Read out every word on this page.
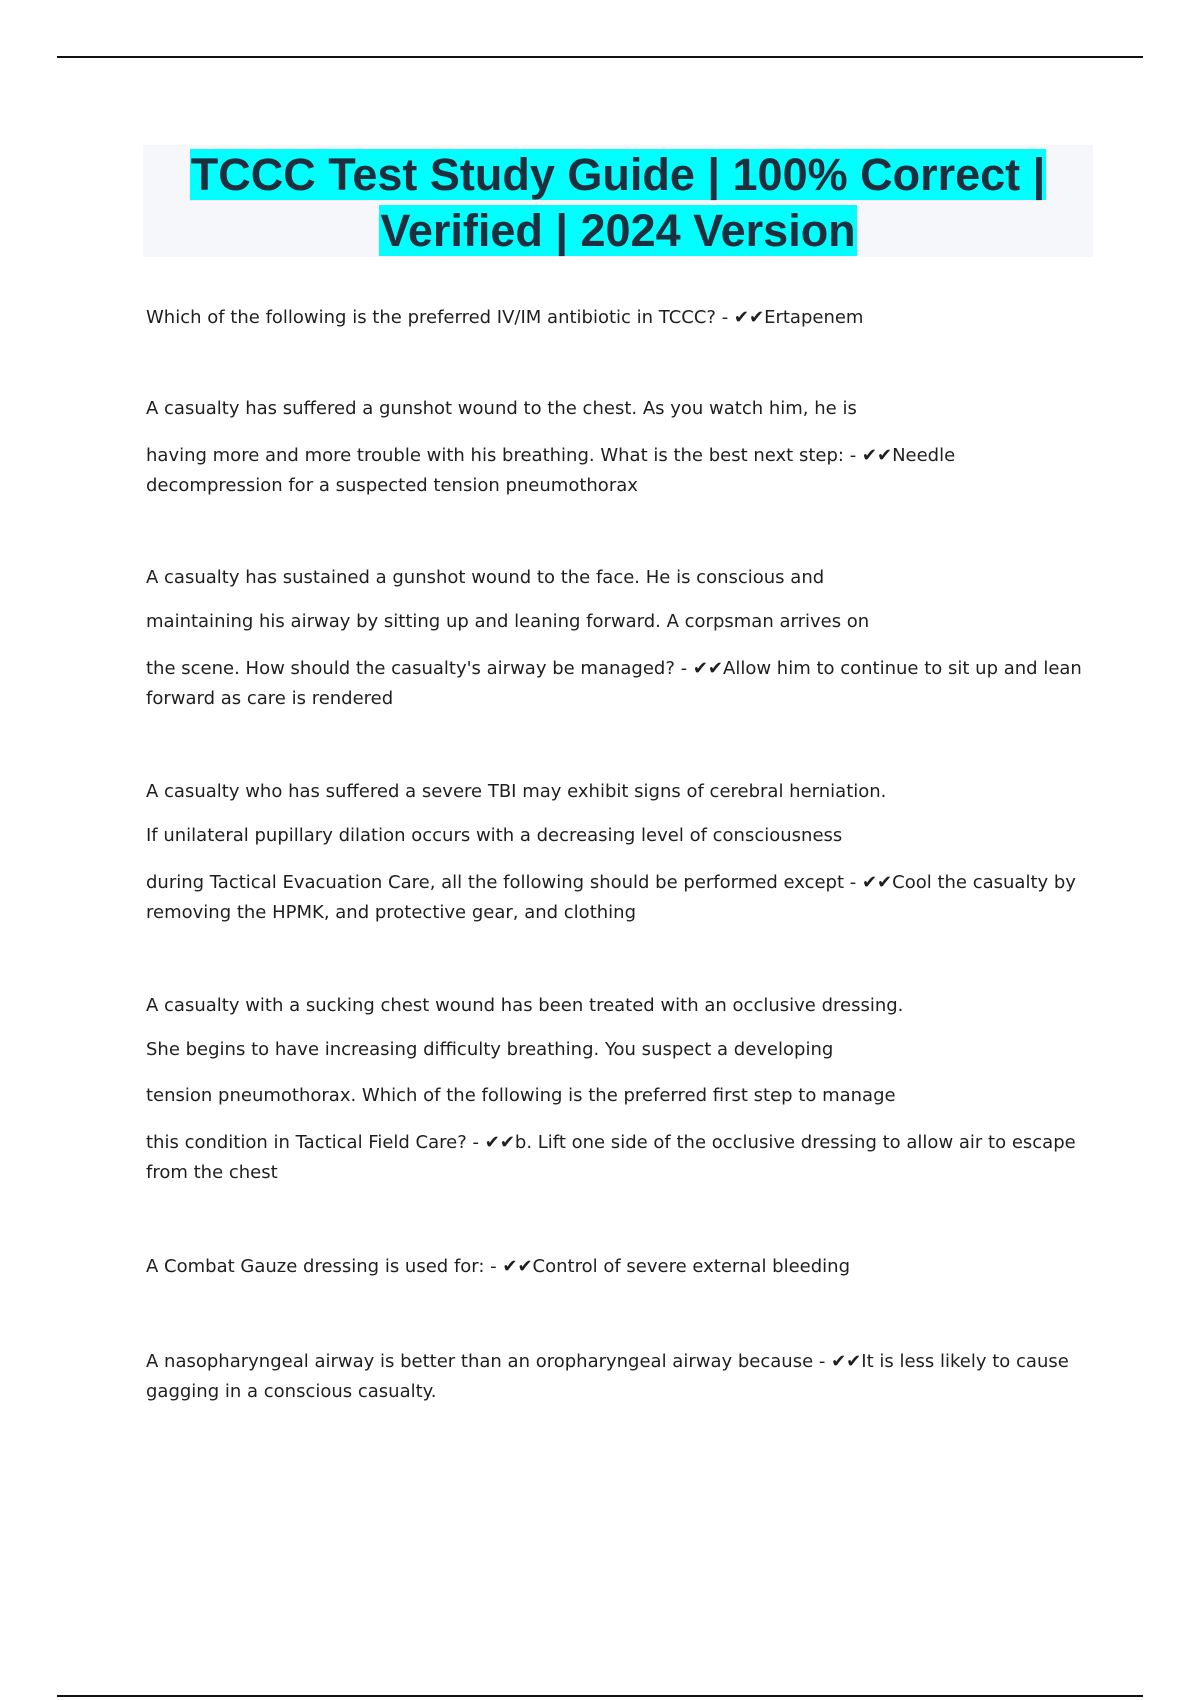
TCCC Test Study Guide | 100% Correct | Verified | 2024 Version
Which of the following is the preferred IV/IM antibiotic in TCCC? - ✔✔Ertapenem
A casualty has suffered a gunshot wound to the chest. As you watch him, he is
having more and more trouble with his breathing. What is the best next step: - ✔✔Needle decompression for a suspected tension pneumothorax
A casualty has sustained a gunshot wound to the face. He is conscious and
maintaining his airway by sitting up and leaning forward. A corpsman arrives on
the scene. How should the casualty's airway be managed? - ✔✔Allow him to continue to sit up and lean forward as care is rendered
A casualty who has suffered a severe TBI may exhibit signs of cerebral herniation.
If unilateral pupillary dilation occurs with a decreasing level of consciousness
during Tactical Evacuation Care, all the following should be performed except - ✔✔Cool the casualty by removing the HPMK, and protective gear, and clothing
A casualty with a sucking chest wound has been treated with an occlusive dressing.
She begins to have increasing difficulty breathing. You suspect a developing
tension pneumothorax. Which of the following is the preferred first step to manage
this condition in Tactical Field Care? - ✔✔b. Lift one side of the occlusive dressing to allow air to escape from the chest
A Combat Gauze dressing is used for: - ✔✔Control of severe external bleeding
A nasopharyngeal airway is better than an oropharyngeal airway because - ✔✔It is less likely to cause gagging in a conscious casualty.
